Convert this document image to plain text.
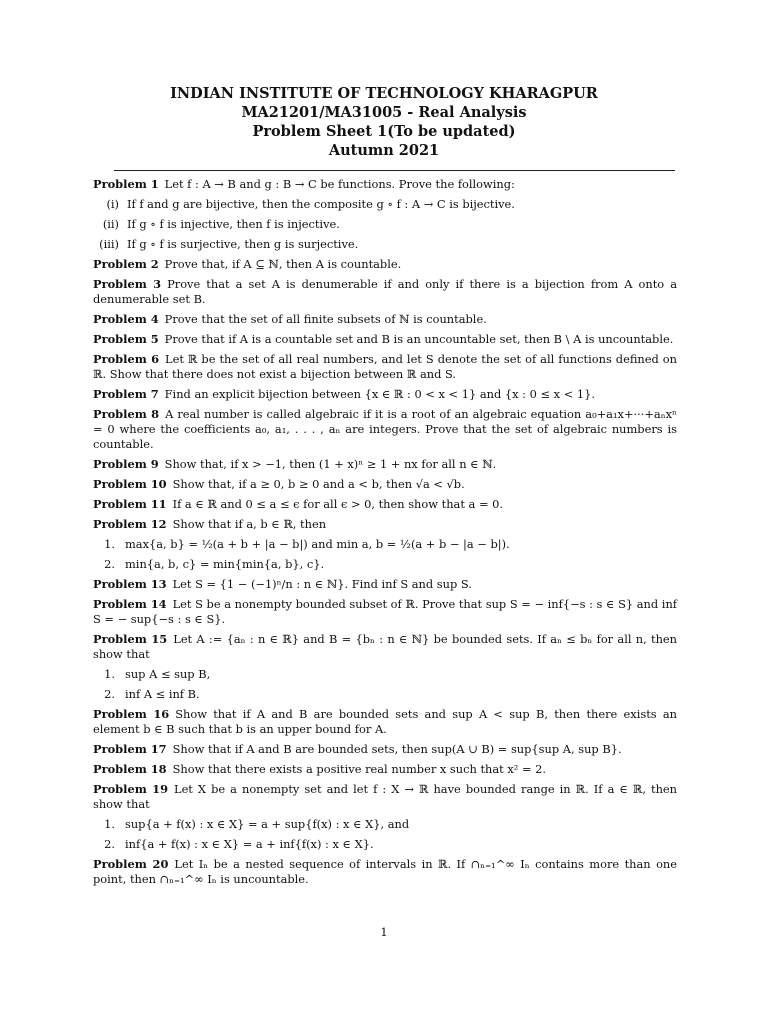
INDIAN INSTITUTE OF TECHNOLOGY KHARAGPUR
MA21201/MA31005 - Real Analysis
Problem Sheet 1(To be updated)
Autumn 2021
Problem 1 Let f : A → B and g : B → C be functions. Prove the following:
(i) If f and g are bijective, then the composite g ∘ f : A → C is bijective.
(ii) If g ∘ f is injective, then f is injective.
(iii) If g ∘ f is surjective, then g is surjective.
Problem 2 Prove that, if A ⊆ ℕ, then A is countable.
Problem 3 Prove that a set A is denumerable if and only if there is a bijection from A onto a denumerable set B.
Problem 4 Prove that the set of all finite subsets of ℕ is countable.
Problem 5 Prove that if A is a countable set and B is an uncountable set, then B \ A is uncountable.
Problem 6 Let ℝ be the set of all real numbers, and let S denote the set of all functions defined on ℝ. Show that there does not exist a bijection between ℝ and S.
Problem 7 Find an explicit bijection between {x ∈ ℝ : 0 < x < 1} and {x : 0 ≤ x < 1}.
Problem 8 A real number is called algebraic if it is a root of an algebraic equation a₀+a₁x+···+aₙxⁿ = 0 where the coefficients a₀, a₁, . . . , aₙ are integers. Prove that the set of algebraic numbers is countable.
Problem 9 Show that, if x > −1, then (1 + x)ⁿ ≥ 1 + nx for all n ∈ ℕ.
Problem 10 Show that, if a ≥ 0, b ≥ 0 and a < b, then √a < √b.
Problem 11 If a ∈ ℝ and 0 ≤ a ≤ ϵ for all ϵ > 0, then show that a = 0.
Problem 12 Show that if a, b ∈ ℝ, then
1. max{a, b} = ½(a + b + |a − b|) and min a, b = ½(a + b − |a − b|).
2. min{a, b, c} = min{min{a, b}, c}.
Problem 13 Let S = {1 − (−1)ⁿ/n : n ∈ ℕ}. Find inf S and sup S.
Problem 14 Let S be a nonempty bounded subset of ℝ. Prove that sup S = − inf{−s : s ∈ S} and inf S = − sup{−s : s ∈ S}.
Problem 15 Let A := {aₙ : n ∈ ℝ} and B = {bₙ : n ∈ ℕ} be bounded sets. If aₙ ≤ bₙ for all n, then show that
1. sup A ≤ sup B,
2. inf A ≤ inf B.
Problem 16 Show that if A and B are bounded sets and sup A < sup B, then there exists an element b ∈ B such that b is an upper bound for A.
Problem 17 Show that if A and B are bounded sets, then sup(A ∪ B) = sup{sup A, sup B}.
Problem 18 Show that there exists a positive real number x such that x² = 2.
Problem 19 Let X be a nonempty set and let f : X → ℝ have bounded range in ℝ. If a ∈ ℝ, then show that
1. sup{a + f(x) : x ∈ X} = a + sup{f(x) : x ∈ X}, and
2. inf{a + f(x) : x ∈ X} = a + inf{f(x) : x ∈ X}.
Problem 20 Let Iₙ be a nested sequence of intervals in ℝ. If ∩ₙ₌₁^∞ Iₙ contains more than one point, then ∩ₙ₌₁^∞ Iₙ is uncountable.
1
